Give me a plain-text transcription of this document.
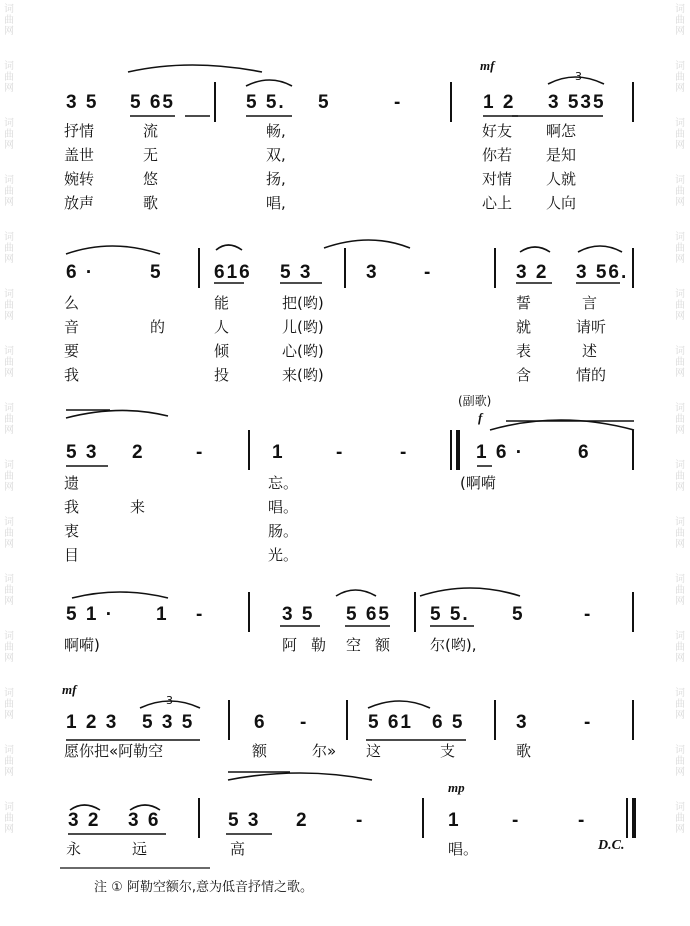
词曲网
词曲网
词曲网
词曲网
词曲网
词曲网
词曲网
词曲网
词曲网
词曲网
词曲网
词曲网
词曲网
词曲网
词曲网
词曲网
词曲网
词曲网
词曲网
词曲网
词曲网
词曲网
词曲网
词曲网
词曲网
词曲网
词曲网
词曲网
词曲网
词曲网
mf
3
3 5 5 65	5 5. 5	-	1 2 3 535
抒情	流	畅,	好友 啊怎
盖世	无	双,	你若 是知
婉转	悠	扬,	对情 人就
放声	歌	唱,	心上 人向
6 ·	5	616 5 3	3 -	3 2 3 56.
么	能	把(哟)	誓	言
音	的	人	儿(哟)	就	请听
要	倾	心(哟)	表	述
我	投	来(哟)	含	情的
(副歌)
f
5 3 2	-	1	-	-	1 6 ·	6
遗	忘。	(啊嗬
我	来	唱。
衷	肠。
目	光。
5 1 · 1 -	3 5 5 65 5 5. 5	-
啊嗬)	阿勒 空额 尔(哟),
mf
3
1 2 3 5 3 5	6 -	5 61 6 5	3	-
愿你把«阿勒空	额	尔» 这	支	歌
mp
3 2 3 6	5 3 2 -	1	-	-
永	远	高	唱。	D.C.
注 ① 阿勒空额尔,意为低音抒情之歌。
